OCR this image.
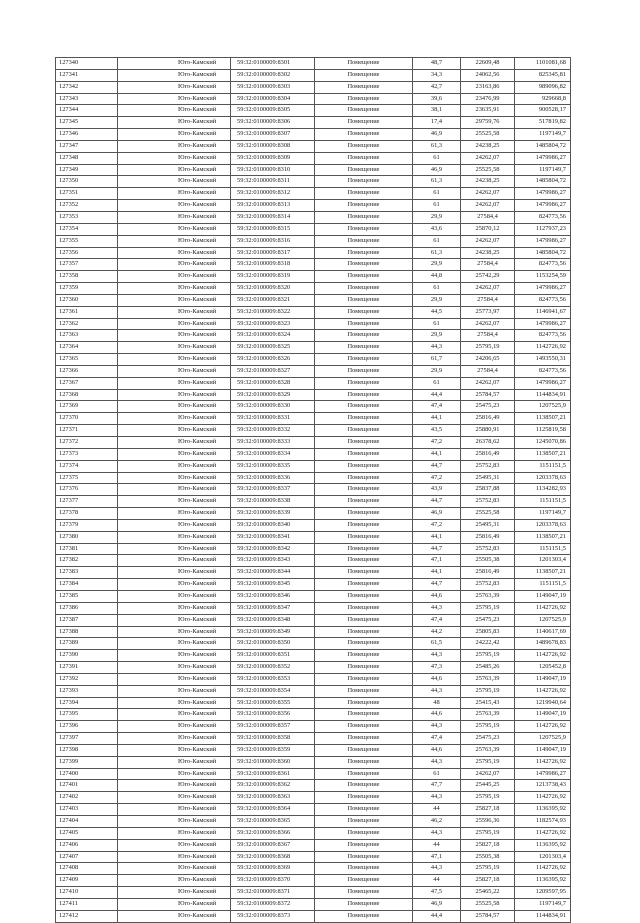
127340	Юго-Камский	59:32:0100009:8301	Помещение	48,7	22609,48	1101081,68
127341	Юго-Камский	59:32:0100009:8302	Помещение	34,3	24062,56	825345,81
127342	Юго-Камский	59:32:0100009:8303	Помещение	42,7	23163,86	989096,82
127343	Юго-Камский	59:32:0100009:8304	Помещение	39,6	23476,99	929668,8
127344	Юго-Камский	59:32:0100009:8305	Помещение	38,1	23635,91	900528,17
127345	Юго-Камский	59:32:0100009:8306	Помещение	17,4	29759,76	517819,82
127346	Юго-Камский	59:32:0100009:8307	Помещение	46,9	25525,58	1197149,7
127347	Юго-Камский	59:32:0100009:8308	Помещение	61,3	24238,25	1485804,72
127348	Юго-Камский	59:32:0100009:8309	Помещение	61	24262,07	1479986,27
127349	Юго-Камский	59:32:0100009:8310	Помещение	46,9	25525,58	1197149,7
127350	Юго-Камский	59:32:0100009:8311	Помещение	61,3	24238,25	1485804,72
127351	Юго-Камский	59:32:0100009:8312	Помещение	61	24262,07	1479986,27
127352	Юго-Камский	59:32:0100009:8313	Помещение	61	24262,07	1479986,27
127353	Юго-Камский	59:32:0100009:8314	Помещение	29,9	27584,4	824773,56
127354	Юго-Камский	59:32:0100009:8315	Помещение	43,6	25870,12	1127937,23
127355	Юго-Камский	59:32:0100009:8316	Помещение	61	24262,07	1479986,27
127356	Юго-Камский	59:32:0100009:8317	Помещение	61,3	24238,25	1485804,72
127357	Юго-Камский	59:32:0100009:8318	Помещение	29,9	27584,4	824773,56
127358	Юго-Камский	59:32:0100009:8319	Помещение	44,8	25742,29	1153254,59
127359	Юго-Камский	59:32:0100009:8320	Помещение	61	24262,07	1479986,27
127360	Юго-Камский	59:32:0100009:8321	Помещение	29,9	27584,4	824773,56
127361	Юго-Камский	59:32:0100009:8322	Помещение	44,5	25773,97	1146941,67
127362	Юго-Камский	59:32:0100009:8323	Помещение	61	24262,07	1479986,27
127363	Юго-Камский	59:32:0100009:8324	Помещение	29,9	27584,4	824773,56
127364	Юго-Камский	59:32:0100009:8325	Помещение	44,3	25795,19	1142726,92
127365	Юго-Камский	59:32:0100009:8326	Помещение	61,7	24206,65	1493550,31
127366	Юго-Камский	59:32:0100009:8327	Помещение	29,9	27584,4	824773,56
127367	Юго-Камский	59:32:0100009:8328	Помещение	61	24262,07	1479986,27
127368	Юго-Камский	59:32:0100009:8329	Помещение	44,4	25784,57	1144834,91
127369	Юго-Камский	59:32:0100009:8330	Помещение	47,4	25475,23	1207525,9
127370	Юго-Камский	59:32:0100009:8331	Помещение	44,1	25816,49	1138507,21
127371	Юго-Камский	59:32:0100009:8332	Помещение	43,5	25880,91	1125819,58
127372	Юго-Камский	59:32:0100009:8333	Помещение	47,2	26378,62	1245070,86
127373	Юго-Камский	59:32:0100009:8334	Помещение	44,1	25816,49	1138507,21
127374	Юго-Камский	59:32:0100009:8335	Помещение	44,7	25752,83	1151151,5
127375	Юго-Камский	59:32:0100009:8336	Помещение	47,2	25495,31	1203378,63
127376	Юго-Камский	59:32:0100009:8337	Помещение	43,9	25837,88	1134282,93
127377	Юго-Камский	59:32:0100009:8338	Помещение	44,7	25752,83	1151151,5
127378	Юго-Камский	59:32:0100009:8339	Помещение	46,9	25525,58	1197149,7
127379	Юго-Камский	59:32:0100009:8340	Помещение	47,2	25495,31	1203378,63
127380	Юго-Камский	59:32:0100009:8341	Помещение	44,1	25816,49	1138507,21
127381	Юго-Камский	59:32:0100009:8342	Помещение	44,7	25752,83	1151151,5
127382	Юго-Камский	59:32:0100009:8343	Помещение	47,1	25505,38	1201303,4
127383	Юго-Камский	59:32:0100009:8344	Помещение	44,1	25816,49	1138507,21
127384	Юго-Камский	59:32:0100009:8345	Помещение	44,7	25752,83	1151151,5
127385	Юго-Камский	59:32:0100009:8346	Помещение	44,6	25763,39	1149047,19
127386	Юго-Камский	59:32:0100009:8347	Помещение	44,3	25795,19	1142726,92
127387	Юго-Камский	59:32:0100009:8348	Помещение	47,4	25475,23	1207525,9
127388	Юго-Камский	59:32:0100009:8349	Помещение	44,2	25805,83	1140617,69
127389	Юго-Камский	59:32:0100009:8350	Помещение	61,5	24222,42	1489678,83
127390	Юго-Камский	59:32:0100009:8351	Помещение	44,3	25795,19	1142726,92
127391	Юго-Камский	59:32:0100009:8352	Помещение	47,3	25485,26	1205452,8
127392	Юго-Камский	59:32:0100009:8353	Помещение	44,6	25763,39	1149047,19
127393	Юго-Камский	59:32:0100009:8354	Помещение	44,3	25795,19	1142726,92
127394	Юго-Камский	59:32:0100009:8355	Помещение	48	25415,43	1219940,64
127395	Юго-Камский	59:32:0100009:8356	Помещение	44,6	25763,39	1149047,19
127396	Юго-Камский	59:32:0100009:8357	Помещение	44,3	25795,19	1142726,92
127397	Юго-Камский	59:32:0100009:8358	Помещение	47,4	25475,23	1207525,9
127398	Юго-Камский	59:32:0100009:8359	Помещение	44,6	25763,39	1149047,19
127399	Юго-Камский	59:32:0100009:8360	Помещение	44,3	25795,19	1142726,92
127400	Юго-Камский	59:32:0100009:8361	Помещение	61	24262,07	1479986,27
127401	Юго-Камский	59:32:0100009:8362	Помещение	47,7	25445,25	1213738,43
127402	Юго-Камский	59:32:0100009:8363	Помещение	44,3	25795,19	1142726,92
127403	Юго-Камский	59:32:0100009:8364	Помещение	44	25827,18	1136395,92
127404	Юго-Камский	59:32:0100009:8365	Помещение	46,2	25596,36	1182574,93
127405	Юго-Камский	59:32:0100009:8366	Помещение	44,3	25795,19	1142726,92
127406	Юго-Камский	59:32:0100009:8367	Помещение	44	25827,18	1136395,92
127407	Юго-Камский	59:32:0100009:8368	Помещение	47,1	25505,38	1201303,4
127408	Юго-Камский	59:32:0100009:8369	Помещение	44,3	25795,19	1142726,92
127409	Юго-Камский	59:32:0100009:8370	Помещение	44	25827,18	1136395,92
127410	Юго-Камский	59:32:0100009:8371	Помещение	47,5	25465,22	1209597,95
127411	Юго-Камский	59:32:0100009:8372	Помещение	46,9	25525,58	1197149,7
127412	Юго-Камский	59:32:0100009:8373	Помещение	44,4	25784,57	1144834,91
